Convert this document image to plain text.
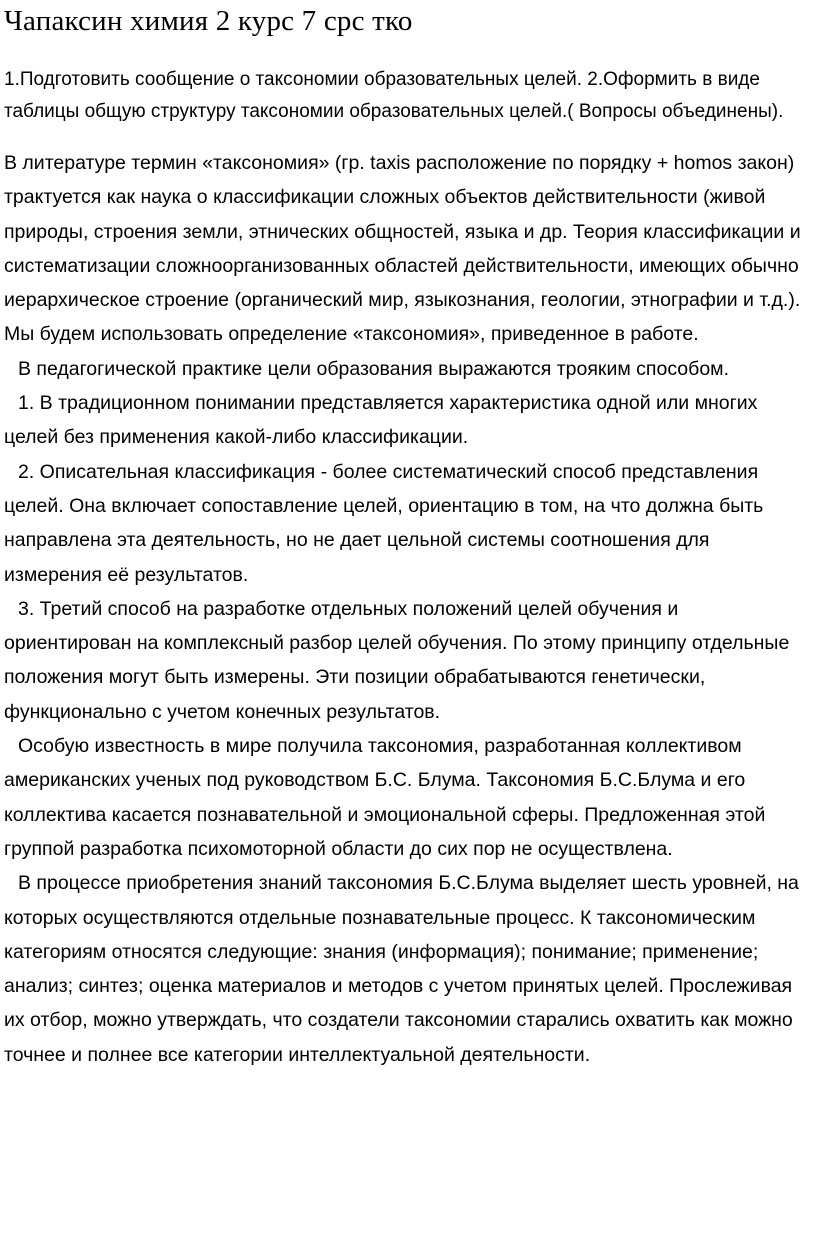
Чапаксин химия 2 курс 7 срс тко

1.Подготовить сообщение о таксономии образовательных целей. 2.Оформить в виде таблицы общую структуру таксономии образовательных целей.( Вопросы объединены).

В литературе термин «таксономия» (гр. taxis расположение по порядку + homos закон) трактуется как наука о классификации сложных объектов действительности (живой природы, строения земли, этнических общностей, языка и др. Теория классификации и систематизации сложноорганизованных областей действительности, имеющих обычно иерархическое строение (органический мир, языкознания, геологии, этнографии и т.д.). Мы будем использовать определение «таксономия», приведенное в работе.

В педагогической практике цели образования выражаются трояким способом.

1. В традиционном понимании представляется характеристика одной или многих целей без применения какой-либо классификации.

2. Описательная классификация - более систематический способ представления целей. Она включает сопоставление целей, ориентацию в том, на что должна быть направлена эта деятельность, но не дает цельной системы соотношения для измерения её результатов.

3. Третий способ на разработке отдельных положений целей обучения и ориентирован на комплексный разбор целей обучения. По этому принципу отдельные положения могут быть измерены. Эти позиции обрабатываются генетически, функционально с учетом конечных результатов.

Особую известность в мире получила таксономия, разработанная коллективом американских ученых под руководством Б.С. Блума. Таксономия Б.С.Блума и его коллектива касается познавательной и эмоциональной сферы. Предложенная этой группой разработка психомоторной области до сих пор не осуществлена.

В процессе приобретения знаний таксономия Б.С.Блума выделяет шесть уровней, на которых осуществляются отдельные познавательные процесс. К таксономическим категориям относятся следующие: знания (информация); понимание; применение; анализ; синтез; оценка материалов и методов с учетом принятых целей. Прослеживая их отбор, можно утверждать, что создатели таксономии старались охватить как можно точнее и полнее все категории интеллектуальной деятельности.
